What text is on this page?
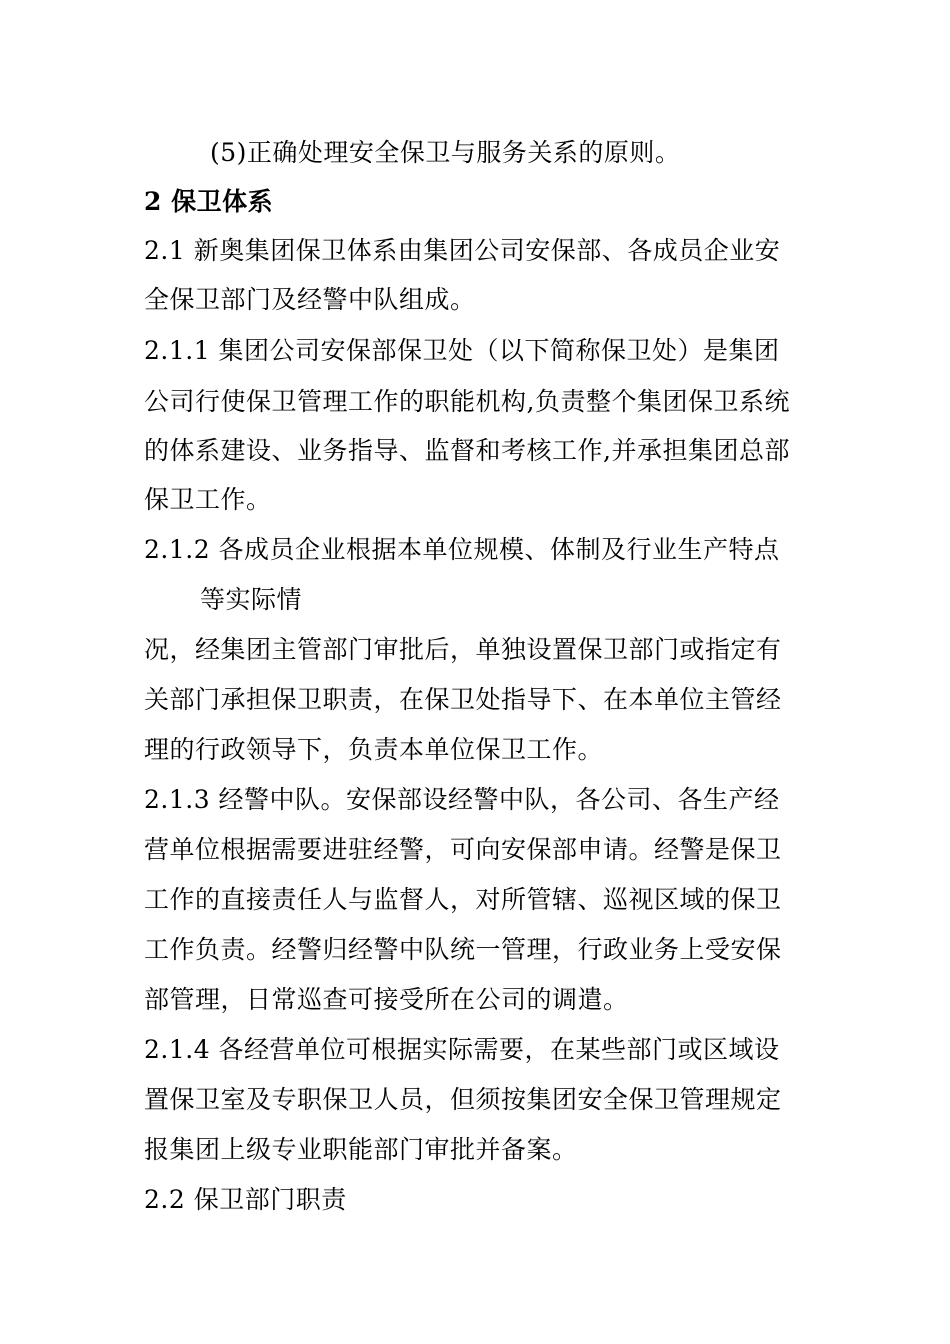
(5)正确处理安全保卫与服务关系的原则。
2 保卫体系
2.1 新奥集团保卫体系由集团公司安保部、各成员企业安
全保卫部门及经警中队组成。
2.1.1 集团公司安保部保卫处（以下简称保卫处）是集团
公司行使保卫管理工作的职能机构,负责整个集团保卫系统
的体系建设、业务指导、监督和考核工作,并承担集团总部
保卫工作。
2.1.2 各成员企业根据本单位规模、体制及行业生产特点
等实际情
况，经集团主管部门审批后，单独设置保卫部门或指定有
关部门承担保卫职责，在保卫处指导下、在本单位主管经
理的行政领导下，负责本单位保卫工作。
2.1.3 经警中队。安保部设经警中队，各公司、各生产经
营单位根据需要进驻经警，可向安保部申请。经警是保卫
工作的直接责任人与监督人，对所管辖、巡视区域的保卫
工作负责。经警归经警中队统一管理，行政业务上受安保
部管理，日常巡查可接受所在公司的调遣。
2.1.4 各经营单位可根据实际需要，在某些部门或区域设
置保卫室及专职保卫人员，但须按集团安全保卫管理规定
报集团上级专业职能部门审批并备案。
2.2 保卫部门职责
